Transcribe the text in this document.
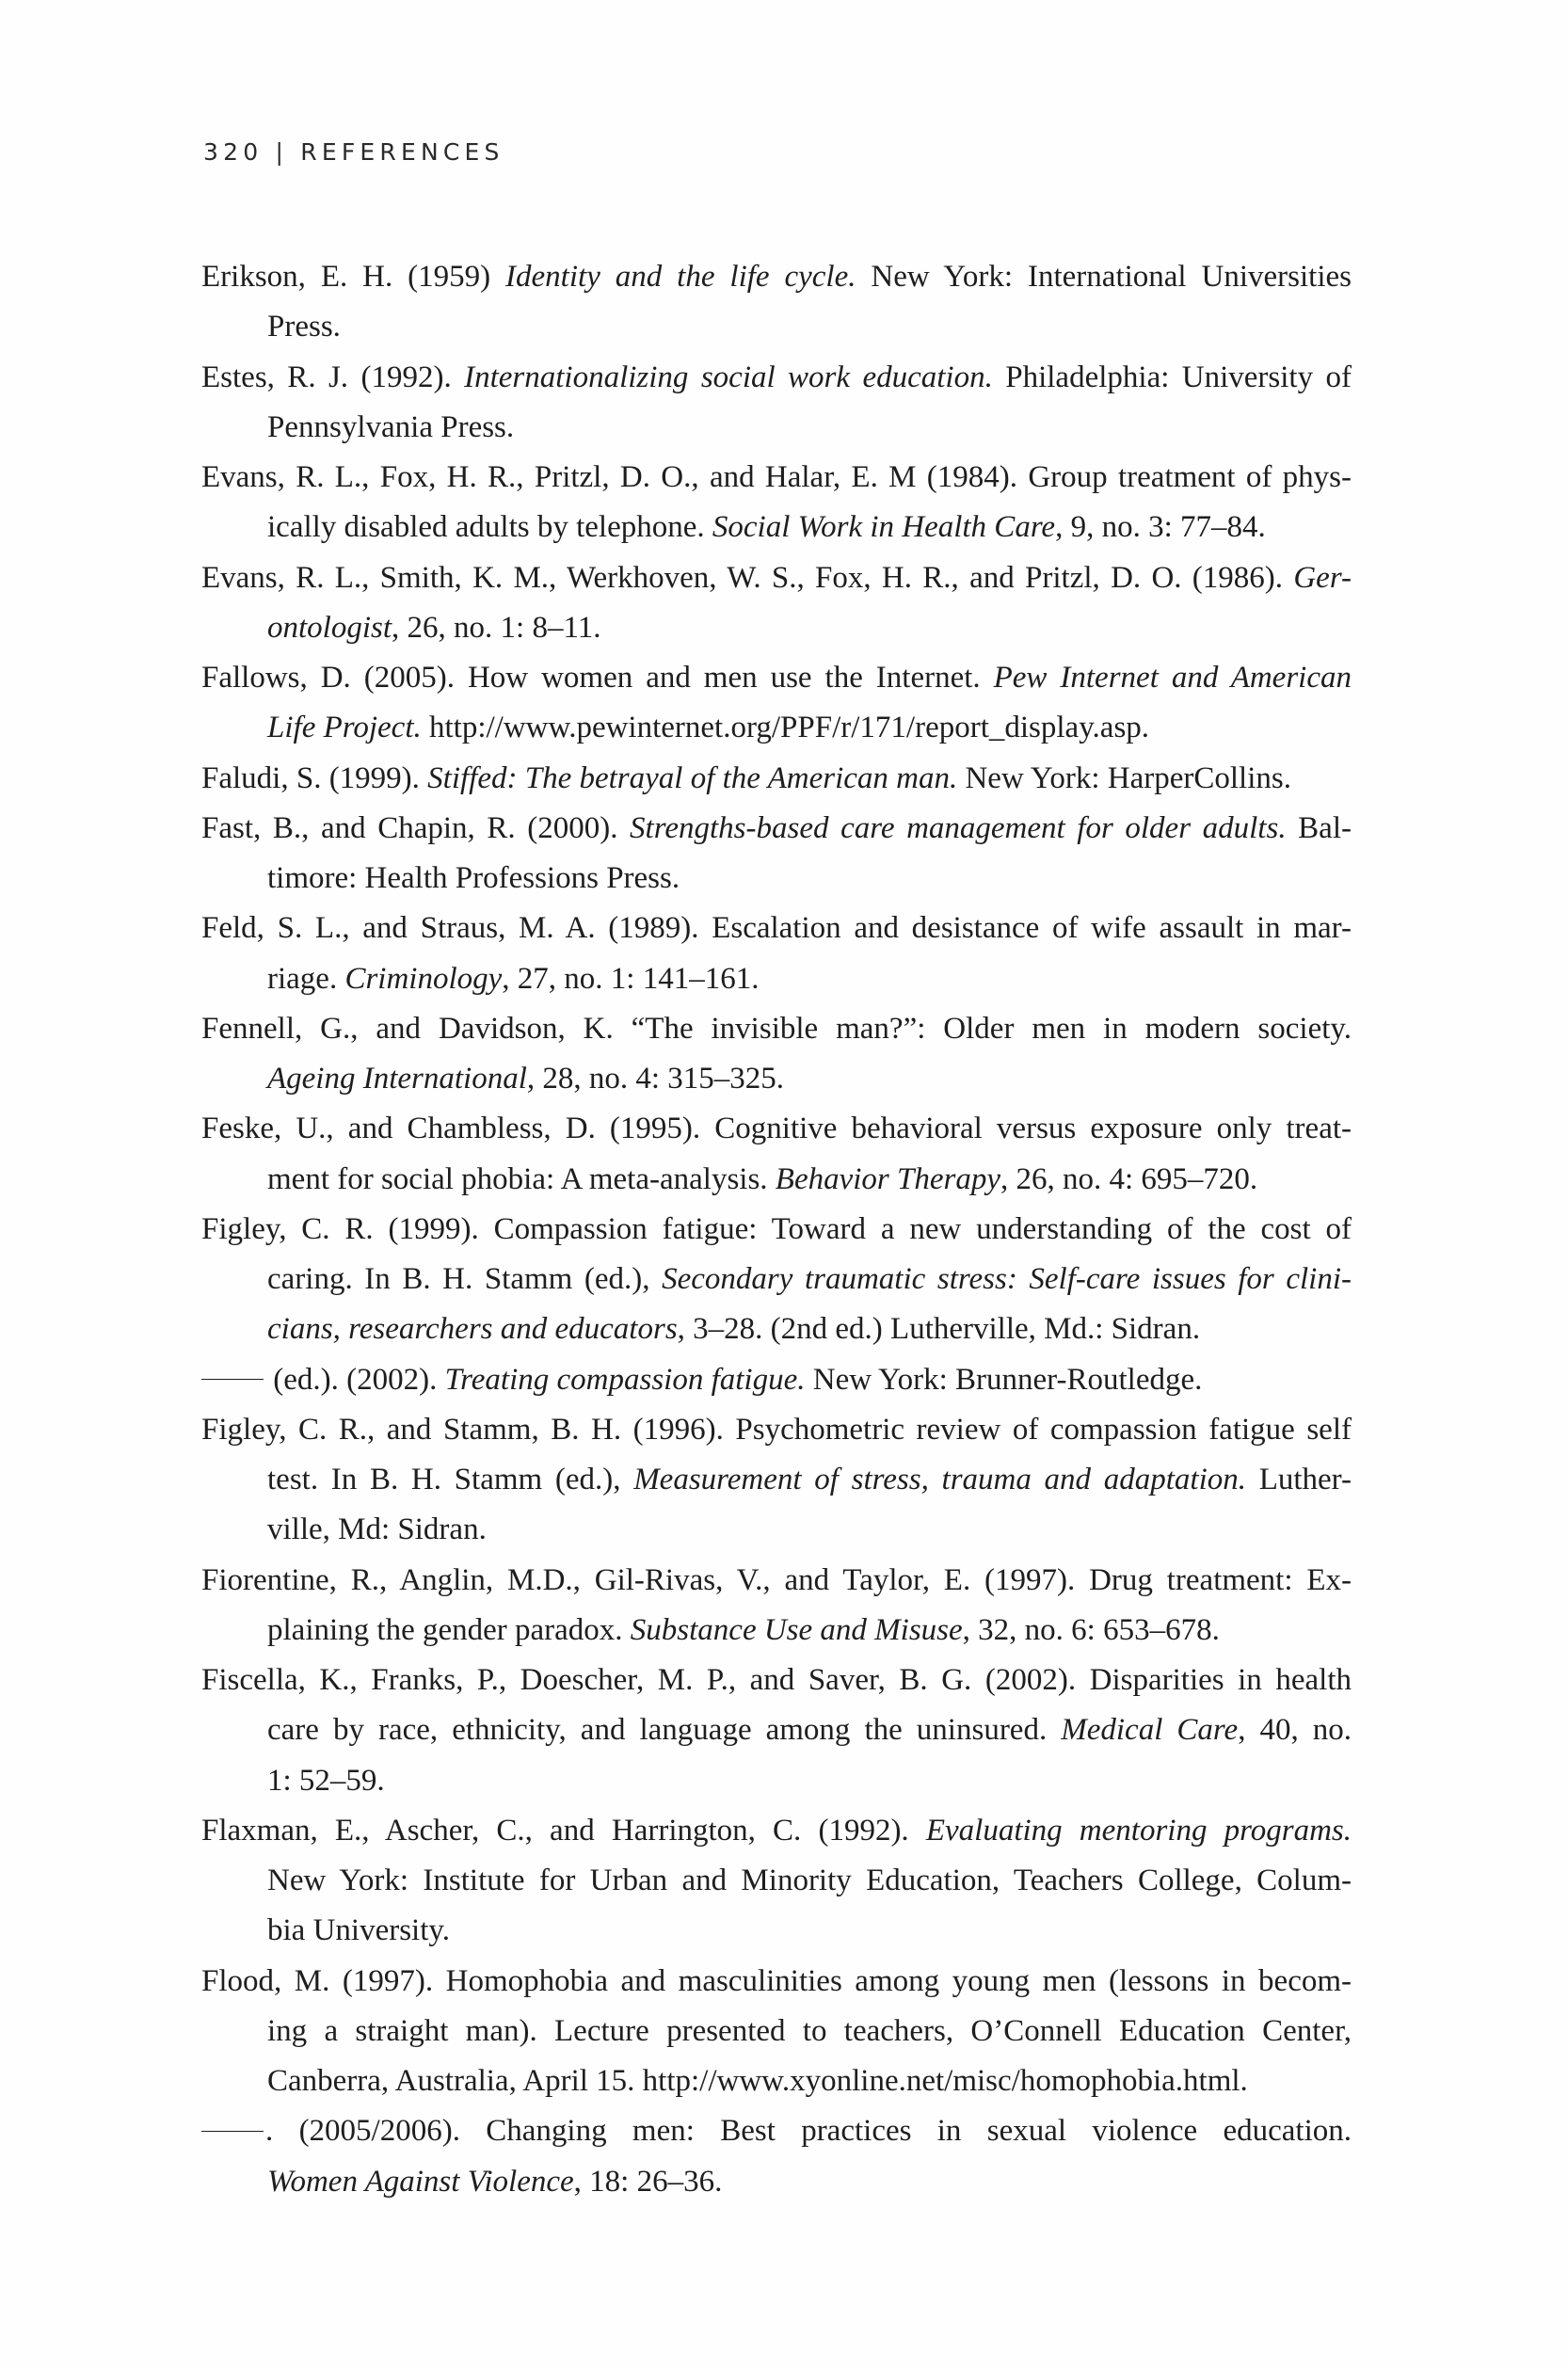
320 | REFERENCES
Erikson, E. H. (1959) Identity and the life cycle. New York: International Universities
Press.
Estes, R. J. (1992). Internationalizing social work education. Philadelphia: University of
Pennsylvania Press.
Evans, R. L., Fox, H. R., Pritzl, D. O., and Halar, E. M (1984). Group treatment of phys-
ically disabled adults by telephone. Social Work in Health Care, 9, no. 3: 77–84.
Evans, R. L., Smith, K. M., Werkhoven, W. S., Fox, H. R., and Pritzl, D. O. (1986). Ger-
ontologist, 26, no. 1: 8–11.
Fallows, D. (2005). How women and men use the Internet. Pew Internet and American
Life Project. http://www.pewinternet.org/PPF/r/171/report_display.asp.
Faludi, S. (1999). Stiffed: The betrayal of the American man. New York: HarperCollins.
Fast, B., and Chapin, R. (2000). Strengths-based care management for older adults. Bal-
timore: Health Professions Press.
Feld, S. L., and Straus, M. A. (1989). Escalation and desistance of wife assault in mar-
riage. Criminology, 27, no. 1: 141–161.
Fennell, G., and Davidson, K. “The invisible man?”: Older men in modern society.
Ageing International, 28, no. 4: 315–325.
Feske, U., and Chambless, D. (1995). Cognitive behavioral versus exposure only treat-
ment for social phobia: A meta-analysis. Behavior Therapy, 26, no. 4: 695–720.
Figley, C. R. (1999). Compassion fatigue: Toward a new understanding of the cost of
caring. In B. H. Stamm (ed.), Secondary traumatic stress: Self-care issues for clini-
cians, researchers and educators, 3–28. (2nd ed.) Lutherville, Md.: Sidran.
(ed.). (2002). Treating compassion fatigue. New York: Brunner-Routledge.
Figley, C. R., and Stamm, B. H. (1996). Psychometric review of compassion fatigue self
test. In B. H. Stamm (ed.), Measurement of stress, trauma and adaptation. Luther-
ville, Md: Sidran.
Fiorentine, R., Anglin, M.D., Gil-Rivas, V., and Taylor, E. (1997). Drug treatment: Ex-
plaining the gender paradox. Substance Use and Misuse, 32, no. 6: 653–678.
Fiscella, K., Franks, P., Doescher, M. P., and Saver, B. G. (2002). Disparities in health
care by race, ethnicity, and language among the uninsured. Medical Care, 40, no.
1: 52–59.
Flaxman, E., Ascher, C., and Harrington, C. (1992). Evaluating mentoring programs.
New York: Institute for Urban and Minority Education, Teachers College, Colum-
bia University.
Flood, M. (1997). Homophobia and masculinities among young men (lessons in becom-
ing a straight man). Lecture presented to teachers, O’Connell Education Center,
Canberra, Australia, April 15. http://www.xyonline.net/misc/homophobia.html.
. (2005/2006). Changing men: Best practices in sexual violence education.
Women Against Violence, 18: 26–36.
